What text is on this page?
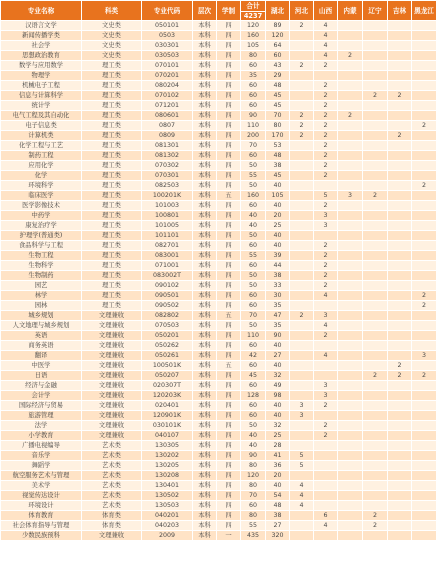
专业名称	科类	专业代码	层次	学制	合计	湖北	河北	山西	内蒙	辽宁	吉林	黑龙江
					4237							
汉语言文学	文史类	050101	本科	四	120	89	2	4				
新闻传播学类	文史类	0503	本科	四	160	120		4				
社会学	文史类	030301	本科	四	105	64		4				
思想政治教育	文史类	030503	本科	四	80	60		4	2			
数学与应用数学	理工类	070101	本科	四	60	43	2	2				
物理学	理工类	070201	本科	四	35	29						
机械电子工程	理工类	080204	本科	四	60	48		2				
信息与计算科学	理工类	070102	本科	四	60	45		2		2	2	
统计学	理工类	071201	本科	四	60	45		2				
电气工程及其自动化	理工类	080601	本科	四	90	70	2	2	2			
电子信息类	理工类	0807	本科	四	110	80	2	2				2
计算机类	理工类	0809	本科	四	200	170	2	2			2	
化学工程与工艺	理工类	081301	本科	四	70	53		2				
制药工程	理工类	081302	本科	四	60	48		2				
应用化学	理工类	070302	本科	四	50	38		2				
化学	理工类	070301	本科	四	55	45		2				
环境科学	理工类	082503	本科	四	50	40						2
临床医学	理工类	100201K	本科	五	160	105		5	3	2		
医学影像技术	理工类	101003	本科	四	60	40		2				
中药学	理工类	100801	本科	四	40	20		3				
康复治疗学	理工类	101005	本科	四	40	25		3				
护理学(普通类)	理工类	101101	本科	四	50	40						
食品科学与工程	理工类	082701	本科	四	60	40		2				
生物工程	理工类	083001	本科	四	55	39		2				
生物科学	理工类	071001	本科	四	60	44		2				
生物制药	理工类	083002T	本科	四	50	38		2				
园艺	理工类	090102	本科	四	50	33		2				
林学	理工类	090501	本科	四	60	30		4				2
园林	理工类	090502	本科	四	60	35						2
城乡规划	文理兼收	082802	本科	五	70	47	2	3				
人文地理与城乡规划	文理兼收	070503	本科	四	50	35		4				
英语	文理兼收	050201	本科	四	110	90		2				
商务英语	文理兼收	050262	本科	四	60	40						
翻译	文理兼收	050261	本科	四	42	27		4				3
中医学	文理兼收	100501K	本科	五	60	40					2	
日语	文理兼收	050207	本科	四	45	32				2	2	2
经济与金融	文理兼收	020307T	本科	四	60	49		3				
会计学	文理兼收	120203K	本科	四	128	98		3				
国际经济与贸易	文理兼收	020401	本科	四	60	40	3	2				
旅游管理	文理兼收	120901K	本科	四	60	40	3					
法学	文理兼收	030101K	本科	四	50	32		2				
小学教育	文理兼收	040107	本科	四	40	25		2				
广播电视编导	艺术类	130305	本科	四	40	28						
音乐学	艺术类	130202	本科	四	90	41	5					
舞蹈学	艺术类	130205	本科	四	80	36	5					
航空服务艺术与管理	艺术类	130208	本科	四	120	20						
美术学	艺术类	130401	本科	四	80	40	4					
视觉传达设计	艺术类	130502	本科	四	70	54	4					
环境设计	艺术类	130503	本科	四	60	48	4					
体育教育	体育类	040201	本科	四	80	38		6		2		
社会体育指导与管理	体育类	040203	本科	四	55	27		4		2		
少数民族预科	文理兼收	2009	本科	一	435	320						
